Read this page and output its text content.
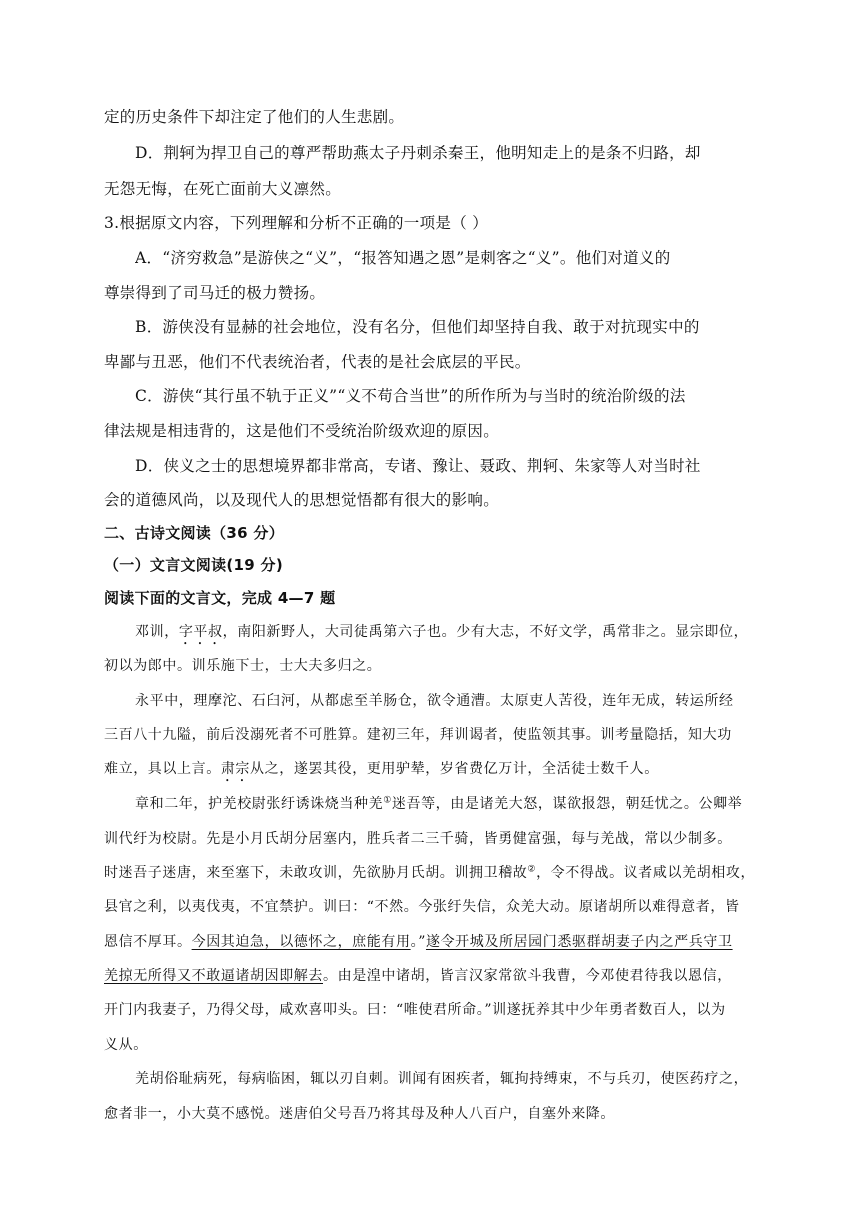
定的历史条件下却注定了他们的人生悲剧。
D．荆轲为捍卫自己的尊严帮助燕太子丹刺杀秦王，他明知走上的是条不归路，却
无怨无悔，在死亡面前大义凛然。
3.根据原文内容，下列理解和分析不正确的一项是（ ）
A．“济穷救急”是游侠之“义”，“报答知遇之恩”是刺客之“义”。他们对道义的
尊崇得到了司马迁的极力赞扬。
B．游侠没有显赫的社会地位，没有名分，但他们却坚持自我、敢于对抗现实中的
卑鄙与丑恶，他们不代表统治者，代表的是社会底层的平民。
C．游侠“其行虽不轨于正义”“义不苟合当世”的所作所为与当时的统治阶级的法
律法规是相违背的，这是他们不受统治阶级欢迎的原因。
D．侠义之士的思想境界都非常高，专诸、豫让、聂政、荆轲、朱家等人对当时社
会的道德风尚，以及现代人的思想觉悟都有很大的影响。
二、古诗文阅读（36 分）
（一）文言文阅读(19 分)
阅读下面的文言文，完成 4—7 题
邓训，字平叔，南阳新野人，大司徒禹第六子也。少有大志，不好文学，禹常非之。显宗即位，
初以为郎中。训乐施下士，士大夫多归之。
永平中，理摩沱、石臼河，从都虑至羊肠仓，欲令通漕。太原吏人苦役，连年无成，转运所经
三百八十九隘，前后没溺死者不可胜算。建初三年，拜训谒者，使监领其事。训考量隐括，知大功
难立，具以上言。肃宗从之，遂罢其役，更用驴辇，岁省费亿万计，全活徒士数千人。
章和二年，护羌校尉张纡诱诛烧当种羌①迷吾等，由是诸羌大怒，谋欲报怨，朝廷忧之。公卿举
训代纡为校尉。先是小月氏胡分居塞内，胜兵者二三千骑，皆勇健富强，每与羌战，常以少制多。
时迷吾子迷唐，来至塞下，未敢攻训，先欲胁月氏胡。训拥卫稽故②，令不得战。议者咸以羌胡相攻，
县官之利，以夷伐夷，不宜禁护。训曰：“不然。今张纡失信，众羌大动。原诸胡所以难得意者，皆
恩信不厚耳。今因其迫急，以德怀之，庶能有用。”遂令开城及所居园门悉驱群胡妻子内之严兵守卫
羌掠无所得又不敢逼诸胡因即解去。由是湟中诸胡，皆言汉家常欲斗我曹，今邓使君待我以恩信，
开门内我妻子，乃得父母，咸欢喜叩头。曰：“唯使君所命。”训遂抚养其中少年勇者数百人，以为
义从。
羌胡俗耻病死，每病临困，辄以刃自刺。训闻有困疾者，辄拘持缚束，不与兵刃，使医药疗之，
愈者非一，小大莫不感悦。迷唐伯父号吾乃将其母及种人八百户，自塞外来降。
